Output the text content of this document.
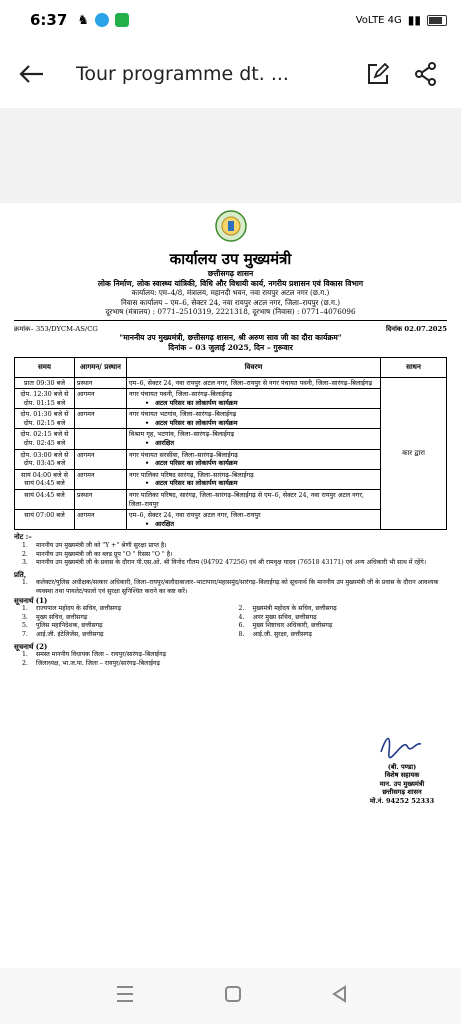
6:37 ♞	VoLTE 4G ▮▮
Tour programme dt. ...
कार्यालय उप मुख्यमंत्री
छत्तीसगढ़ शासन
लोक निर्माण, लोक स्वास्थ्य यांत्रिकी, विधि और विधायी कार्य, नगरीय प्रशासन एवं विकास विभाग
कार्यालय: एम–4/8, मंत्रालय, महानदी भवन, नवा रायपुर अटल नगर (छ.ग.)
निवास कार्यालय – एम–6, सेक्टर 24, नवा रायपुर अटल नगर, जिला–रायपुर (छ.ग.)
दूरभाष (मंत्रालय) : 0771–2510319, 2221318, दूरभाष (निवास) : 0771–4076096
क्रमांक– 353/DYCM-AS/CG	दिनांक 02.07.2025
"माननीय उप मुख्यमंत्री, छत्तीसगढ़ शासन, श्री अरुण साव जी का दौरा कार्यक्रम"
दिनांक – 03 जुलाई 2025, दिन – गुरूवार
समय	आगमन/ प्रस्थान	विवरण	साधन
प्रातः 09:30 बजे	प्रस्थान	एम–6, सेक्टर 24, नवा रायपुर अटल नगर, जिला–रायपुर से नगर पंचायत पवनी, जिला–सारंगढ़–बिलाईगढ़	कार द्वारा
दोप. 12:30 बजे से दोप. 01:15 बजे	आगमन	नगर पंचायत पवनी, जिला–सारंगढ़–बिलाईगढ़
• अटल परिसर का लोकार्पण कार्यक्रम

दोप. 01:30 बजे से दोप. 02:15 बजे	आगमन	नगर पंचायत भटगांव, जिला–सारंगढ़–बिलाईगढ़
• अटल परिसर का लोकार्पण कार्यक्रम

दोप. 02:15 बजे से दोप. 02:45 बजे		विश्राम गृह, भटगांव, जिला–सारंगढ़–बिलाईगढ़
• आरक्षित

दोप. 03:00 बजे से दोप. 03:45 बजे	आगमन	नगर पंचायत सरसींवा, जिला–सारंगढ़–बिलाईगढ़
• अटल परिसर का लोकार्पण कार्यक्रम

सायं 04:00 बजे से सायं 04:45 बजे	आगमन	नगर पालिका परिषद सारंगढ़, जिला–सारंगढ़–बिलाईगढ़
• अटल परिसर का लोकार्पण कार्यक्रम

सायं 04:45 बजे	प्रस्थान	नगर पालिका परिषद, सारंगढ़, जिला–सारंगढ़–बिलाईगढ़ से एम–6, सेक्टर 24, नवा रायपुर अटल नगर, जिला–रायपुर	

सायं 07:00 बजे	आगमन	एम–6, सेक्टर 24, नवा रायपुर अटल नगर, जिला–रायपुर
• आरक्षित
नोट :–
1. माननीय उप मुख्यमंत्री जी को "Y +" श्रेणी सुरक्षा प्राप्त है।
2. माननीय उप मुख्यमंत्री जी का ब्लड ग्रुप "O " रिसस "O " है।
3. माननीय उप मुख्यमंत्री जी के प्रवास के दौरान पी.एस.ओ. श्री विनोद गौतम (94792 47256) एवं श्री रामवृक्ष यादव (76518 43171) एवं अन्य अधिकारी भी साथ में रहेंगे।
प्रति,
1. कलेक्टर/पुलिस अधीक्षक/सत्कार अधिकारी, जिला–रायपुर/बलौदाबाजार–भाटापारा/महासमुंद/सारंगढ़–बिलाईगढ़ को सूचनार्थ कि माननीय उप मुख्यमंत्री जी के प्रवास के दौरान आवश्यक व्यवस्था तथा पायलेट/फालो एवं सुरक्षा सुनिश्चित कराने का कष्ट करें।
सूचनार्थ (1)
1. राज्यपाल महोदय के सचिव, छत्तीसगढ़
3. मुख्य सचिव, छत्तीसगढ़
5. पुलिस महानिदेशक, छत्तीसगढ़
7. आई.जी. इंटेलिजेंस, छत्तीसगढ़
2. मुख्यमंत्री महोदय के सचिव, छत्तीसगढ़
4. अपर मुख्य सचिव, छत्तीसगढ़
6. मुख्य शिष्टाचार अधिकारी, छत्तीसगढ़
8. आई.जी. सुरक्षा, छत्तीसगढ़
सूचनार्थ (2)
1. समस्त माननीय विधायक जिला – रायपुर/सारंगढ़–बिलाईगढ़
2. जिलाध्यक्ष, भा.ज.पा. जिला – रायपुर/सारंगढ़–बिलाईगढ़
(बी. पण्डा)
विशेष सहायक
मान. उप मुख्यमंत्री
छत्तीसगढ़ शासन
मो.नं. 94252 52333
